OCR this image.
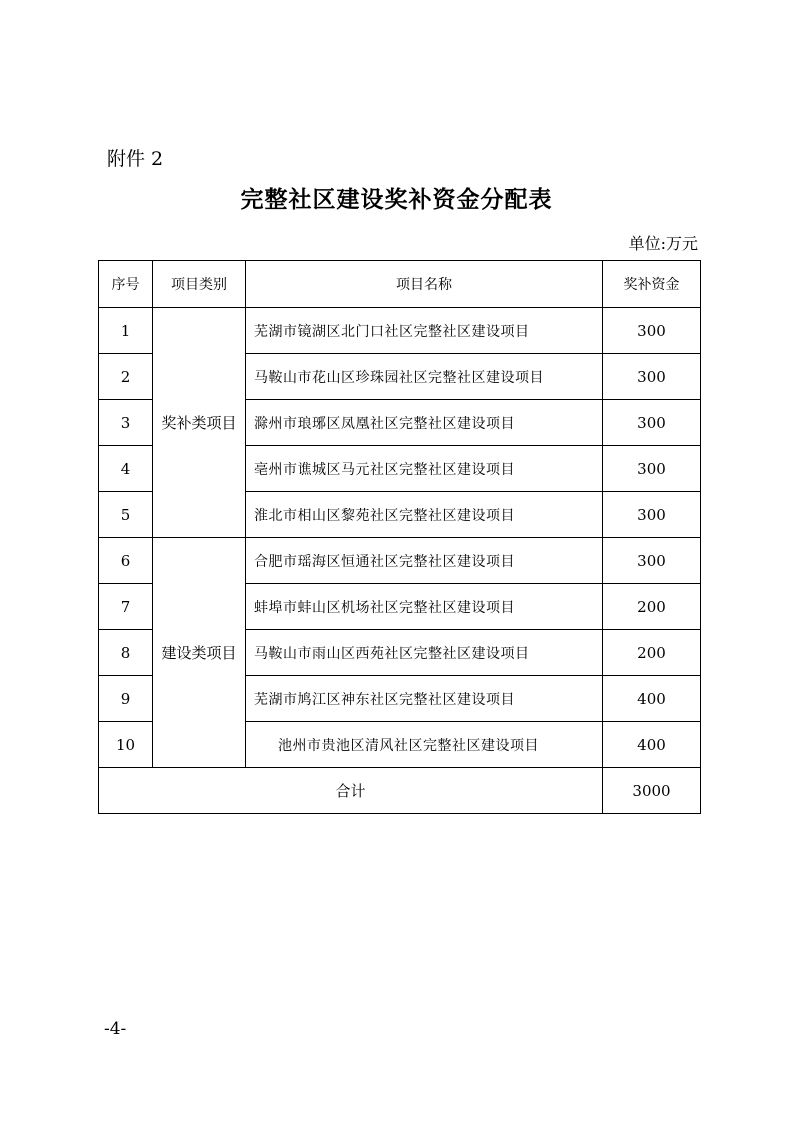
附件 2
完整社区建设奖补资金分配表
单位:万元
序号	项目类别	项目名称	奖补资金
1	奖补类项目	芜湖市镜湖区北门口社区完整社区建设项目	300
2		马鞍山市花山区珍珠园社区完整社区建设项目	300
3		滁州市琅琊区凤凰社区完整社区建设项目	300
4		亳州市谯城区马元社区完整社区建设项目	300
5		淮北市相山区黎苑社区完整社区建设项目	300
6	建设类项目	合肥市瑶海区恒通社区完整社区建设项目	300
7		蚌埠市蚌山区机场社区完整社区建设项目	200
8		马鞍山市雨山区西苑社区完整社区建设项目	200
9		芜湖市鸠江区神东社区完整社区建设项目	400
10		池州市贵池区清风社区完整社区建设项目	400
合计			3000
-4-
